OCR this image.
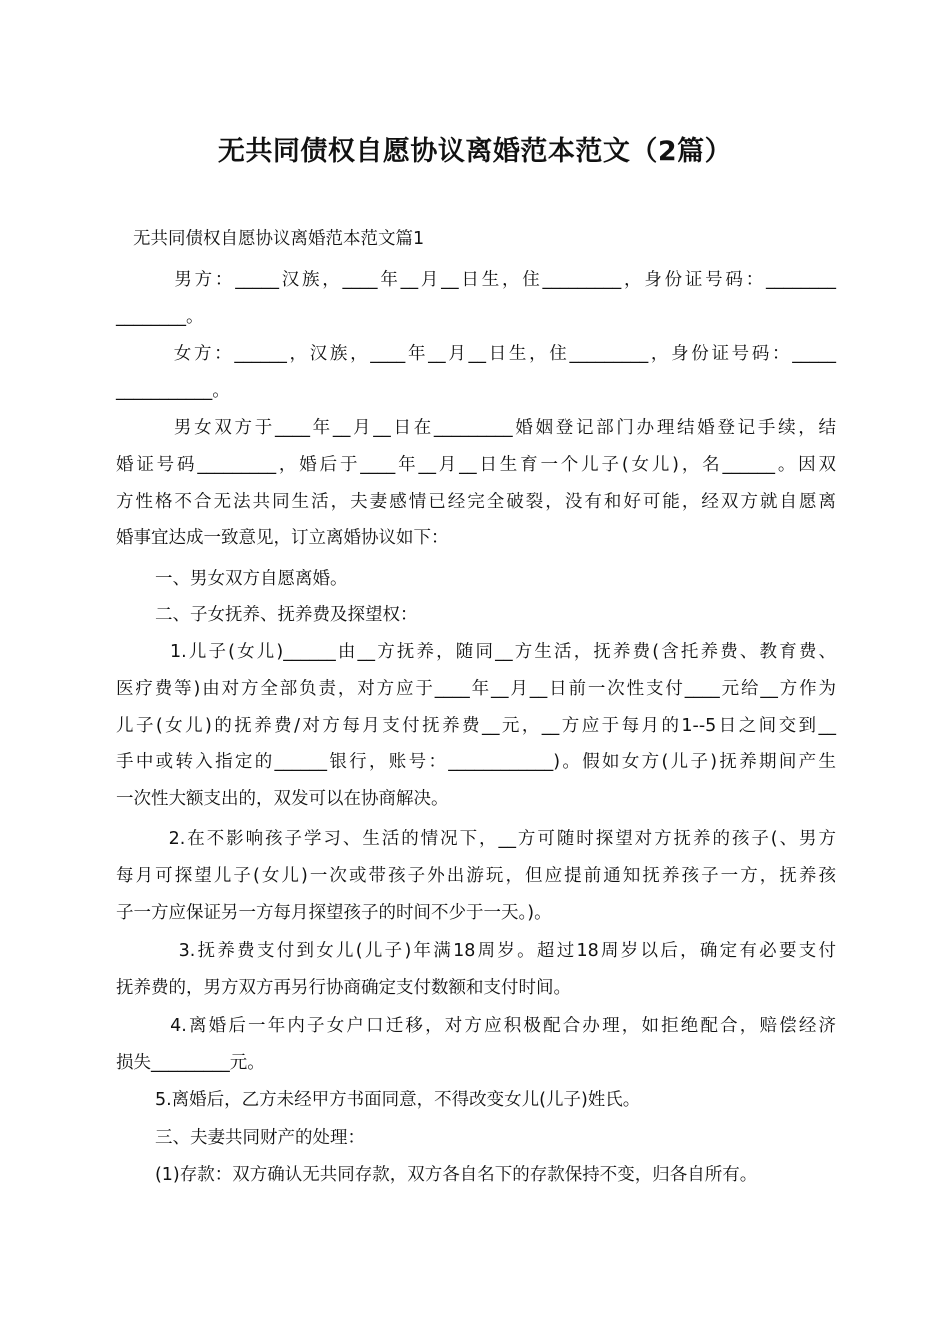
无共同债权自愿协议离婚范本范文（2篇）
无共同债权自愿协议离婚范本范文篇1
男方：_____汉族，____年__月__日生，住_________，身份证号码：________
________。
女方：______，汉族，____年__月__日生，住_________，身份证号码：_____
___________。
男女双方于____年__月__日在_________婚姻登记部门办理结婚登记手续，结
婚证号码_________，婚后于____年__月__日生育一个儿子(女儿)，名______。因双
方性格不合无法共同生活，夫妻感情已经完全破裂，没有和好可能，经双方就自愿离
婚事宜达成一致意见，订立离婚协议如下：
一、男女双方自愿离婚。
二、子女抚养、抚养费及探望权：
1.儿子(女儿)______由__方抚养，随同__方生活，抚养费(含托养费、教育费、
医疗费等)由对方全部负责，对方应于____年__月__日前一次性支付____元给__方作为
儿子(女儿)的抚养费/对方每月支付抚养费__元，__方应于每月的1--5日之间交到__
手中或转入指定的______银行，账号：____________)。假如女方(儿子)抚养期间产生
一次性大额支出的，双发可以在协商解决。
2.在不影响孩子学习、生活的情况下，__方可随时探望对方抚养的孩子(、男方
每月可探望儿子(女儿)一次或带孩子外出游玩，但应提前通知抚养孩子一方，抚养孩
子一方应保证另一方每月探望孩子的时间不少于一天。)。
3.抚养费支付到女儿(儿子)年满18周岁。超过18周岁以后，确定有必要支付
抚养费的，男方双方再另行协商确定支付数额和支付时间。
4.离婚后一年内子女户口迁移，对方应积极配合办理，如拒绝配合，赔偿经济
损失_________元。
5.离婚后，乙方未经甲方书面同意，不得改变女儿(儿子)姓氏。
三、夫妻共同财产的处理：
(1)存款：双方确认无共同存款，双方各自名下的存款保持不变，归各自所有。
